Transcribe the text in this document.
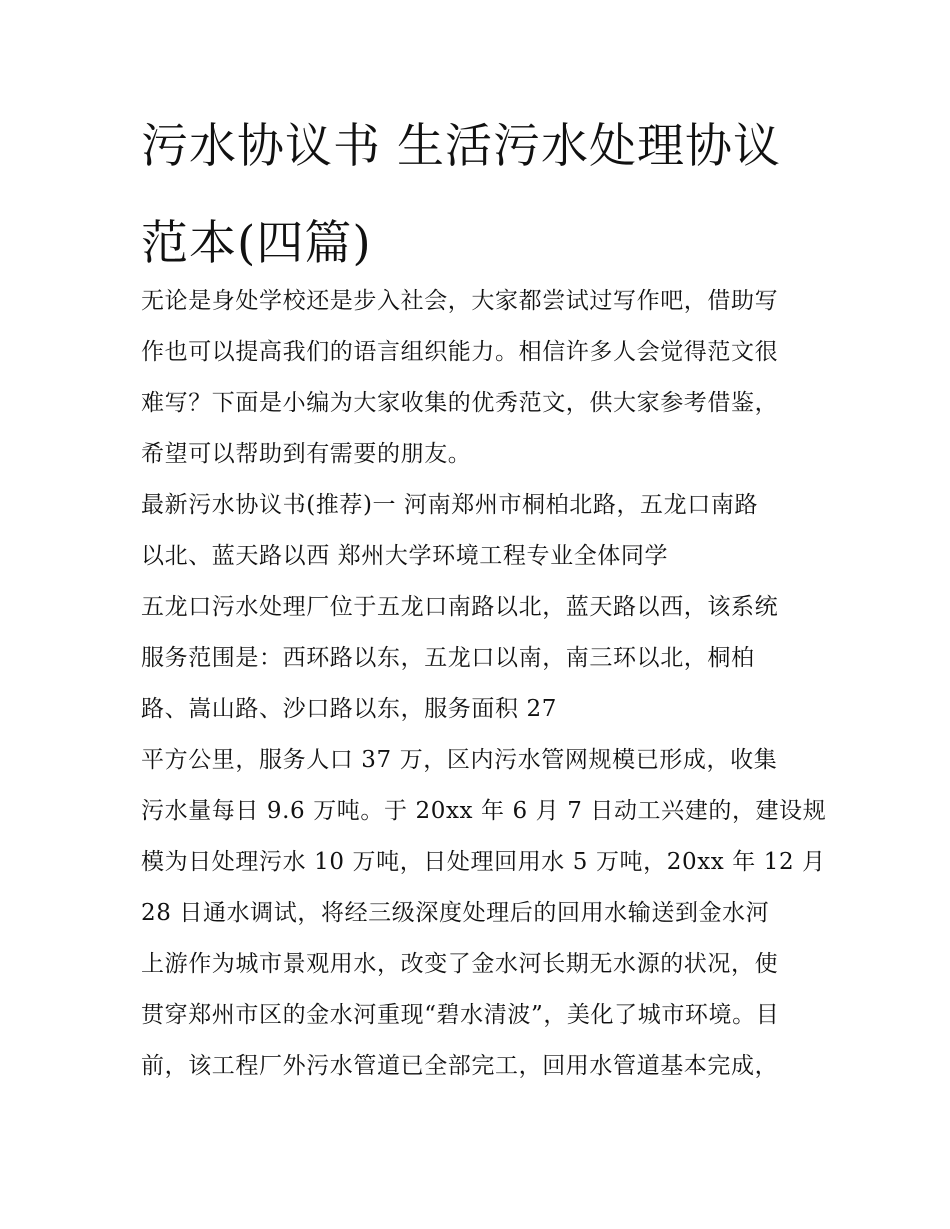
污水协议书 生活污水处理协议
范本(四篇)

无论是身处学校还是步入社会，大家都尝试过写作吧，借助写
作也可以提高我们的语言组织能力。相信许多人会觉得范文很
难写？下面是小编为大家收集的优秀范文，供大家参考借鉴，
希望可以帮助到有需要的朋友。

最新污水协议书(推荐)一 河南郑州市桐柏北路，五龙口南路
以北、蓝天路以西 郑州大学环境工程专业全体同学

五龙口污水处理厂位于五龙口南路以北，蓝天路以西，该系统
服务范围是：西环路以东，五龙口以南，南三环以北，桐柏
路、嵩山路、沙口路以东，服务面积 27

平方公里，服务人口 37 万，区内污水管网规模已形成，收集
污水量每日 9.6 万吨。于 20xx 年 6 月 7 日动工兴建的，建设规
模为日处理污水 10 万吨，日处理回用水 5 万吨，20xx 年 12 月
28 日通水调试，将经三级深度处理后的回用水输送到金水河
上游作为城市景观用水，改变了金水河长期无水源的状况，使
贯穿郑州市区的金水河重现“碧水清波”，美化了城市环境。目
前，该工程厂外污水管道已全部完工，回用水管道基本完成，
